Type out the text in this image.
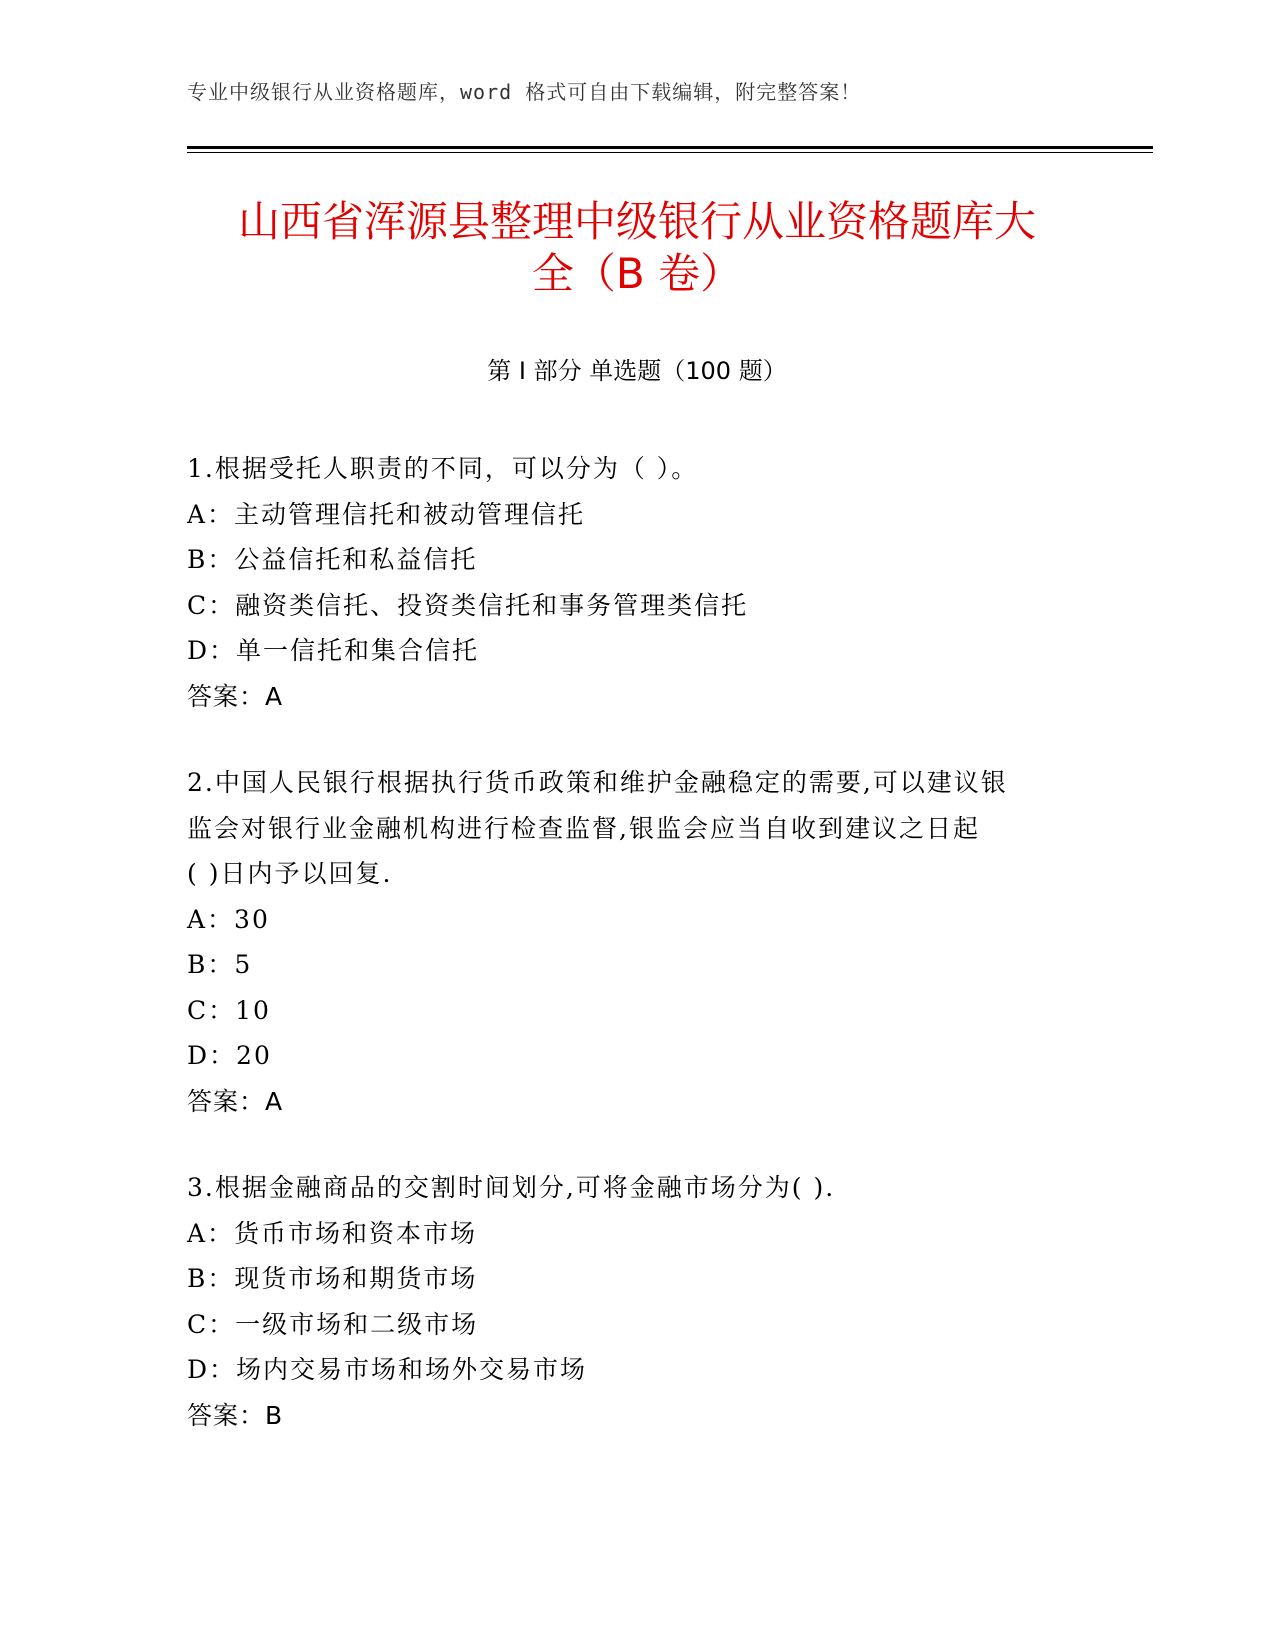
专业中级银行从业资格题库，word 格式可自由下载编辑，附完整答案！
山西省浑源县整理中级银行从业资格题库大
全（B 卷）
第 I 部分 单选题（100 题）
1.根据受托人职责的不同，可以分为（ ）。
A：主动管理信托和被动管理信托
B：公益信托和私益信托
C：融资类信托、投资类信托和事务管理类信托
D：单一信托和集合信托
答案：A
2.中国人民银行根据执行货币政策和维护金融稳定的需要,可以建议银
监会对银行业金融机构进行检查监督,银监会应当自收到建议之日起
( )日内予以回复.
A：30
B：5
C：10
D：20
答案：A
3.根据金融商品的交割时间划分,可将金融市场分为( ).
A：货币市场和资本市场
B：现货市场和期货市场
C：一级市场和二级市场
D：场内交易市场和场外交易市场
答案：B
